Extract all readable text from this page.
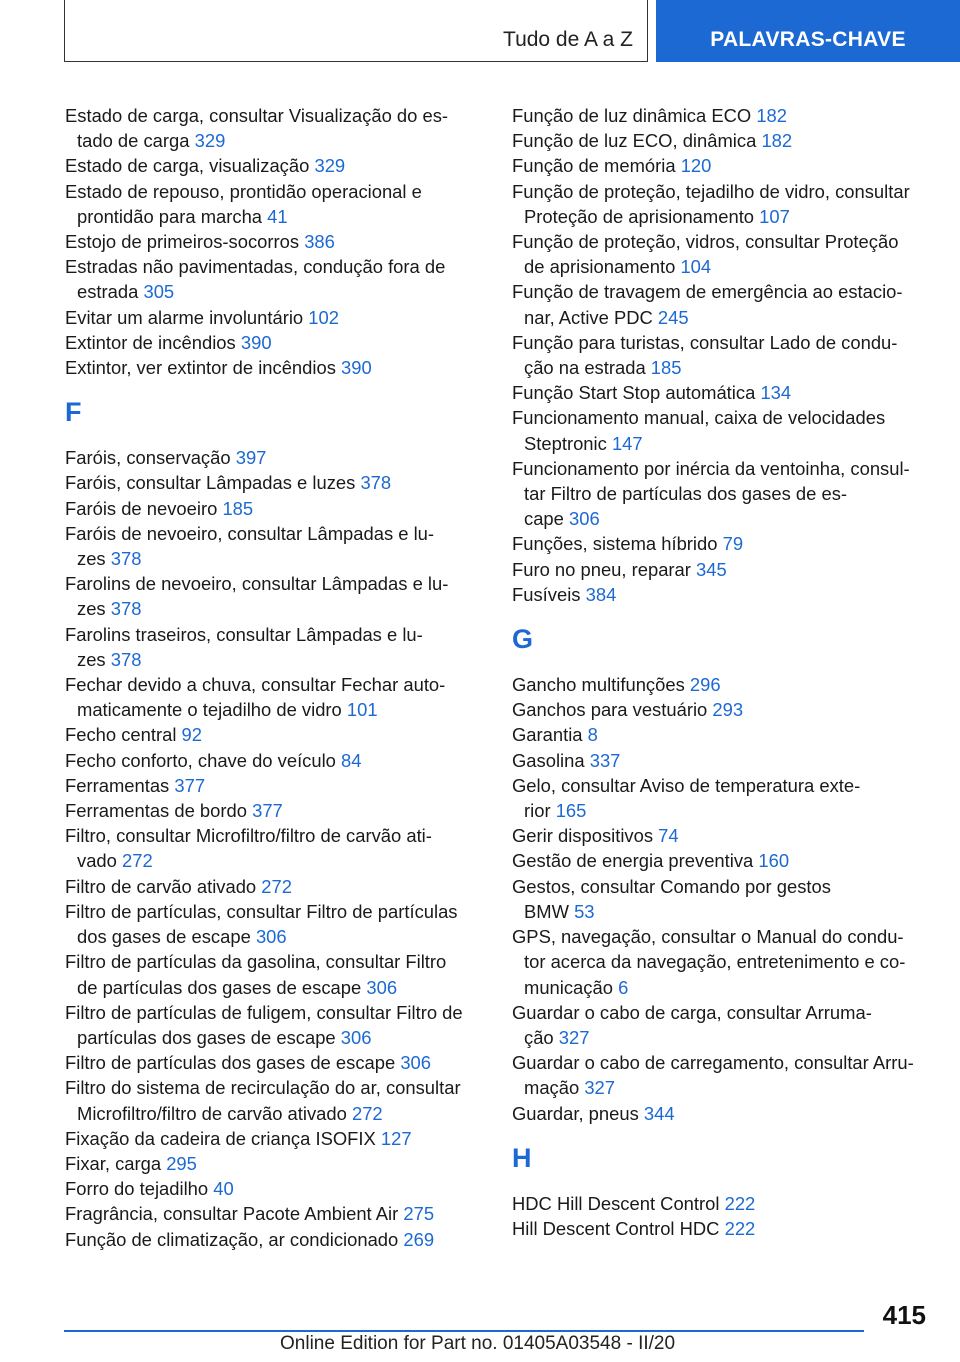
Tudo de A a Z	PALAVRAS-CHAVE
Estado de carga, consultar Visualização do es-
tado de carga 329
Estado de carga, visualização 329
Estado de repouso, prontidão operacional e
prontidão para marcha 41
Estojo de primeiros-socorros 386
Estradas não pavimentadas, condução fora de
estrada 305
Evitar um alarme involuntário 102
Extintor de incêndios 390
Extintor, ver extintor de incêndios 390
F
Faróis, conservação 397
Faróis, consultar Lâmpadas e luzes 378
Faróis de nevoeiro 185
Faróis de nevoeiro, consultar Lâmpadas e lu-
zes 378
Farolins de nevoeiro, consultar Lâmpadas e lu-
zes 378
Farolins traseiros, consultar Lâmpadas e lu-
zes 378
Fechar devido a chuva, consultar Fechar auto-
maticamente o tejadilho de vidro 101
Fecho central 92
Fecho conforto, chave do veículo 84
Ferramentas 377
Ferramentas de bordo 377
Filtro, consultar Microfiltro/filtro de carvão ati-
vado 272
Filtro de carvão ativado 272
Filtro de partículas, consultar Filtro de partículas
dos gases de escape 306
Filtro de partículas da gasolina, consultar Filtro
de partículas dos gases de escape 306
Filtro de partículas de fuligem, consultar Filtro de
partículas dos gases de escape 306
Filtro de partículas dos gases de escape 306
Filtro do sistema de recirculação do ar, consultar
Microfiltro/filtro de carvão ativado 272
Fixação da cadeira de criança ISOFIX 127
Fixar, carga 295
Forro do tejadilho 40
Fragrância, consultar Pacote Ambient Air 275
Função de climatização, ar condicionado 269
Função de luz dinâmica ECO 182
Função de luz ECO, dinâmica 182
Função de memória 120
Função de proteção, tejadilho de vidro, consultar
Proteção de aprisionamento 107
Função de proteção, vidros, consultar Proteção
de aprisionamento 104
Função de travagem de emergência ao estacio-
nar, Active PDC 245
Função para turistas, consultar Lado de condu-
ção na estrada 185
Função Start Stop automática 134
Funcionamento manual, caixa de velocidades
Steptronic 147
Funcionamento por inércia da ventoinha, consul-
tar Filtro de partículas dos gases de es-
cape 306
Funções, sistema híbrido 79
Furo no pneu, reparar 345
Fusíveis 384
G
Gancho multifunções 296
Ganchos para vestuário 293
Garantia 8
Gasolina 337
Gelo, consultar Aviso de temperatura exte-
rior 165
Gerir dispositivos 74
Gestão de energia preventiva 160
Gestos, consultar Comando por gestos
BMW 53
GPS, navegação, consultar o Manual do condu-
tor acerca da navegação, entretenimento e co-
municação 6
Guardar o cabo de carga, consultar Arruma-
ção 327
Guardar o cabo de carregamento, consultar Arru-
mação 327
Guardar, pneus 344
H
HDC Hill Descent Control 222
Hill Descent Control HDC 222
415
Online Edition for Part no. 01405A03548 - II/20
